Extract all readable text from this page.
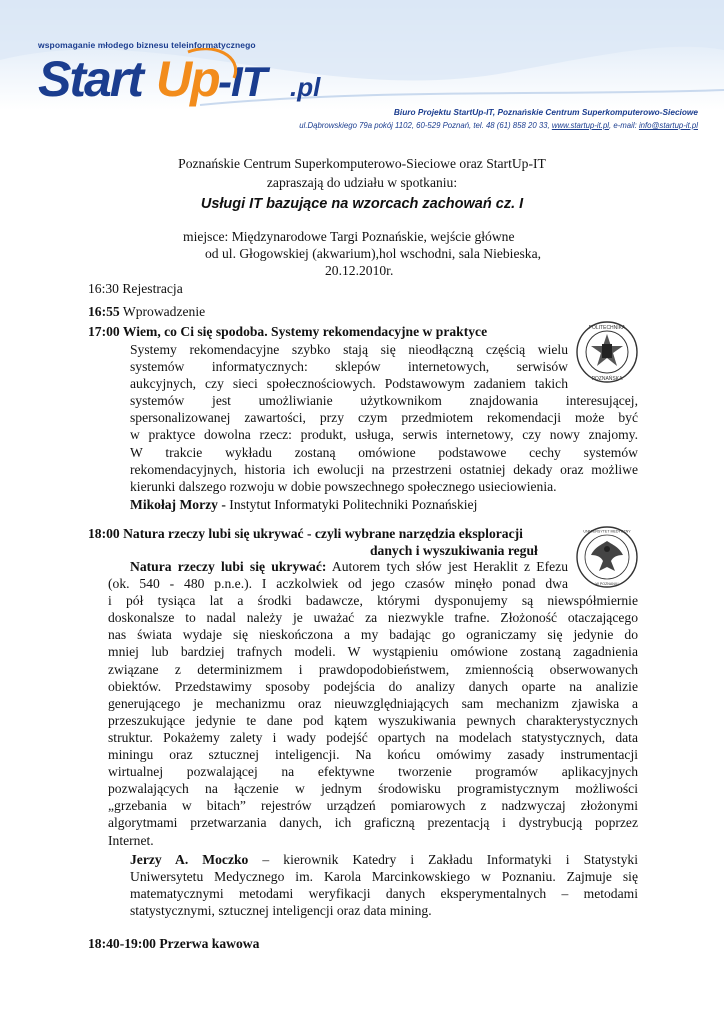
wspomaganie młodego biznesu teleinformatycznego
Start Up -IT .pl
Biuro Projektu StartUp-IT, Poznańskie Centrum Superkomputerowo-Sieciowe
ul.Dąbrowskiego 79a pokój 1102, 60-529 Poznań, tel. 48 (61) 858 20 33, www.startup-it.pl, e-mail: info@startup-it.pl
Poznańskie Centrum Superkomputerowo-Sieciowe oraz StartUp-IT
zapraszają do udziału w spotkaniu:
Usługi IT bazujące na wzorcach zachowań cz. I
miejsce: Międzynarodowe Targi Poznańskie, wejście główne
od ul. Głogowskiej (akwarium),hol wschodni, sala Niebieska,
20.12.2010r.
16:30 Rejestracja
16:55 Wprowadzenie
17:00 Wiem, co Ci się spodoba. Systemy rekomendacyjne w praktyce	POLITECHNIKA
POZNAŃSKA
Systemy rekomendacyjne szybko stają się nieodłączną częścią wielu
systemów informatycznych: sklepów internetowych, serwisów
aukcyjnych, czy sieci społecznościowych. Podstawowym zadaniem takich
systemów jest umożliwianie użytkownikom znajdowania interesującej,
spersonalizowanej zawartości, przy czym przedmiotem rekomendacji może być
w praktyce dowolna rzecz: produkt, usługa, serwis internetowy, czy nowy znajomy.
W trakcie wykładu zostaną omówione podstawowe cechy systemów
rekomendacyjnych, historia ich ewolucji na przestrzeni ostatniej dekady oraz możliwe
kierunki dalszego rozwoju w dobie powszechnego społecznego usieciowienia.
Mikołaj Morzy - Instytut Informatyki Politechniki Poznańskiej
18:00 Natura rzeczy lubi się ukrywać - czyli wybrane narzędzia eksploracji
danych i wyszukiwania reguł
UNIWERSYTET MEDYCZNY
W POZNANIU
Natura rzeczy lubi się ukrywać: Autorem tych słów jest Heraklit z Efezu
(ok. 540 - 480 p.n.e.). I aczkolwiek od jego czasów minęło ponad dwa
i pół tysiąca lat a środki badawcze, którymi dysponujemy są niewspółmiernie
doskonalsze to nadal należy je uważać za niezwykle trafne. Złożoność otaczającego
nas świata wydaje się nieskończona a my badając go ograniczamy się jedynie do
mniej lub bardziej trafnych modeli. W wystąpieniu omówione zostaną zagadnienia
związane z determinizmem i prawdopodobieństwem, zmiennością obserwowanych
obiektów. Przedstawimy sposoby podejścia do analizy danych oparte na analizie
generującego je mechanizmu oraz nieuwzględniających sam mechanizm zjawiska a
przeszukujące jedynie te dane pod kątem wyszukiwania pewnych charakterystycznych
struktur. Pokażemy zalety i wady podejść opartych na modelach statystycznych, data
miningu oraz sztucznej inteligencji. Na końcu omówimy zasady instrumentacji
wirtualnej pozwalającej na efektywne tworzenie programów aplikacyjnych
pozwalających na łączenie w jednym środowisku programistycznym możliwości
„grzebania w bitach” rejestrów urządzeń pomiarowych z nadzwyczaj złożonymi
algorytmami przetwarzania danych, ich graficzną prezentacją i dystrybucją poprzez
Internet.
Jerzy A. Moczko – kierownik Katedry i Zakładu Informatyki i Statystyki
Uniwersytetu Medycznego im. Karola Marcinkowskiego w Poznaniu. Zajmuje się
matematycznymi metodami weryfikacji danych eksperymentalnych – metodami
statystycznymi, sztucznej inteligencji oraz data mining.
18:40-19:00 Przerwa kawowa
